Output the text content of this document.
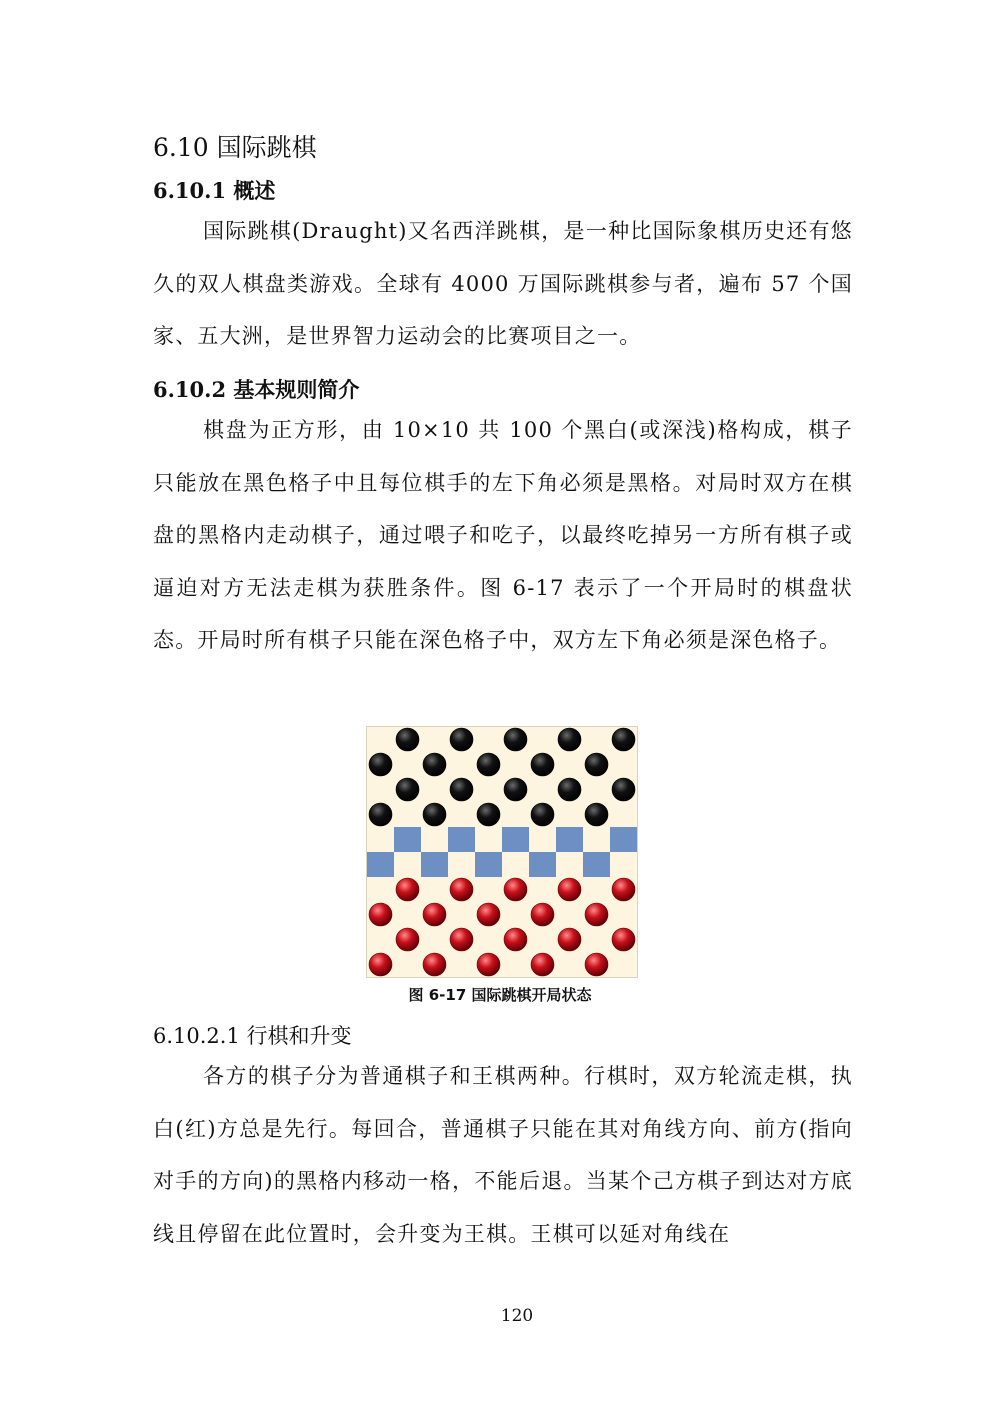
6.10 国际跳棋
6.10.1 概述
国际跳棋(Draught)又名西洋跳棋，是一种比国际象棋历史还有悠久的双人棋盘类游戏。全球有 4000 万国际跳棋参与者，遍布 57 个国家、五大洲，是世界智力运动会的比赛项目之一。
6.10.2 基本规则简介
棋盘为正方形，由 10×10 共 100 个黑白(或深浅)格构成，棋子只能放在黑色格子中且每位棋手的左下角必须是黑格。对局时双方在棋盘的黑格内走动棋子，通过喂子和吃子，以最终吃掉另一方所有棋子或逼迫对方无法走棋为获胜条件。图 6-17 表示了一个开局时的棋盘状态。开局时所有棋子只能在深色格子中，双方左下角必须是深色格子。
图 6-17 国际跳棋开局状态
6.10.2.1 行棋和升变
各方的棋子分为普通棋子和王棋两种。行棋时，双方轮流走棋，执白(红)方总是先行。每回合，普通棋子只能在其对角线方向、前方(指向对手的方向)的黑格内移动一格，不能后退。当某个己方棋子到达对方底线且停留在此位置时，会升变为王棋。王棋可以延对角线在
120
